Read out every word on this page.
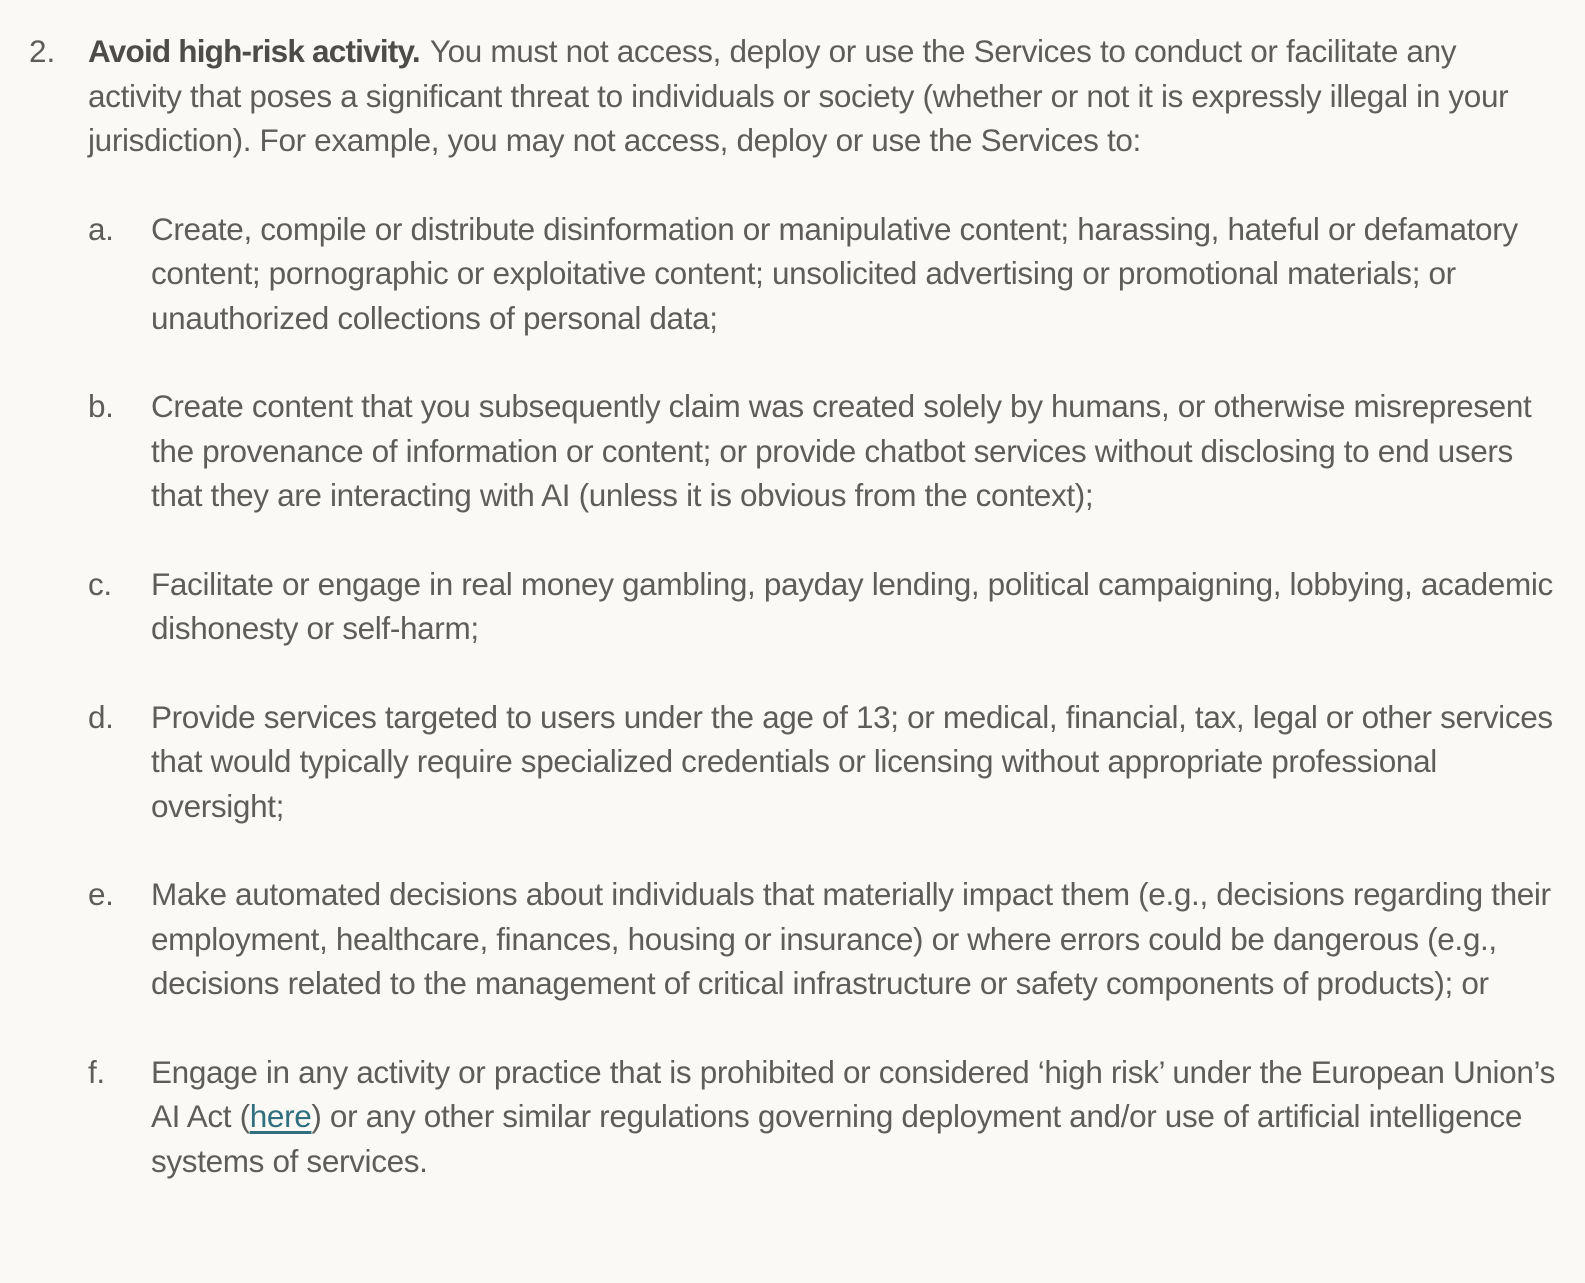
2.	Avoid high-risk activity. You must not access, deploy or use the Services to conduct or facilitate any activity that poses a significant threat to individuals or society (whether or not it is expressly illegal in your jurisdiction). For example, you may not access, deploy or use the Services to:
a.	Create, compile or distribute disinformation or manipulative content; harassing, hateful or defamatory content; pornographic or exploitative content; unsolicited advertising or promotional materials; or unauthorized collections of personal data;
b.	Create content that you subsequently claim was created solely by humans, or otherwise misrepresent the provenance of information or content; or provide chatbot services without disclosing to end users that they are interacting with AI (unless it is obvious from the context);
c.	Facilitate or engage in real money gambling, payday lending, political campaigning, lobbying, academic dishonesty or self-harm;
d.	Provide services targeted to users under the age of 13; or medical, financial, tax, legal or other services that would typically require specialized credentials or licensing without appropriate professional oversight;
e.	Make automated decisions about individuals that materially impact them (e.g., decisions regarding their employment, healthcare, finances, housing or insurance) or where errors could be dangerous (e.g., decisions related to the management of critical infrastructure or safety components of products); or
f.	Engage in any activity or practice that is prohibited or considered ‘high risk’ under the European Union’s AI Act (here) or any other similar regulations governing deployment and/or use of artificial intelligence systems of services.
